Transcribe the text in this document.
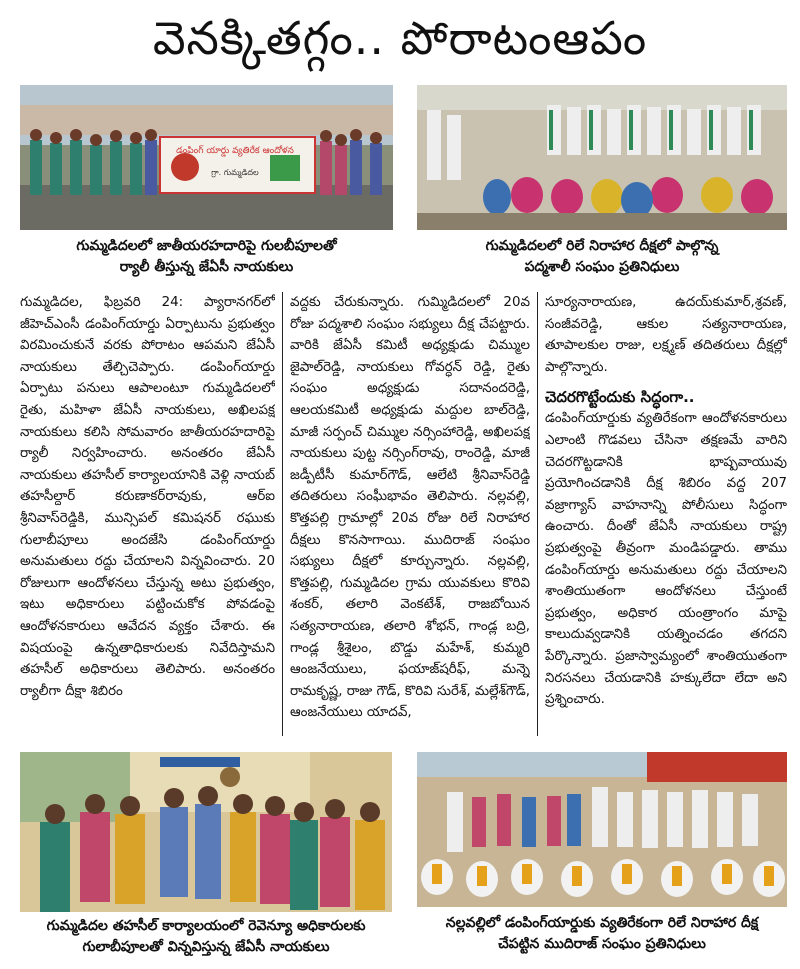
వెనక్కితగ్గం.. పోరాటంఆపం
డంపింగ్ యార్డు వ్యతిరేక ఆందోళన
గ్రా. గుమ్మడిదల
గుమ్మడిదలలో జాతీయరహదారిపై గులబీపూలతో
ర్యాలీ తీస్తున్న జేఏసీ నాయకులు
గుమ్మడిదలలో రిలే నిరాహార దీక్షలో పాల్గొన్న
పద్మశాలీ సంఘం ప్రతినిధులు

గుమ్మడిదల, ఫిబ్రవరి 24: ప్యారానగర్‌లో జీహెచ్ఎంసీ డంపింగ్‌యార్డు ఏర్పాటును ప్రభుత్వం విరమించుకునే వరకు పోరాటం ఆపమని జేఏసీ నాయకులు తేల్చిచెప్పారు. డంపింగ్‌యార్డు ఏర్పాటు పనులు ఆపాలంటూ గుమ్మడిదలలో రైతు, మహిళా జేఏసీ నాయకులు, అఖిలపక్ష నాయకులు కలిసి సోమవారం జాతీయరహదారిపై ర్యాలీ నిర్వహించారు. అనంతరం జేఏసీ నాయకులు తహసీల్ కార్యాలయానికి వెళ్లి నాయబ్ తహసీల్దార్ కరుణాకర్‌రావుకు, ఆర్‌ఐ శ్రీనివాస్‌రెడ్డికి, మున్సిపల్ కమిషనర్ రఘుకు గులాబీపూలు అందజేసి డంపింగ్‌యార్డు అనుమతులు రద్దు చేయాలని విన్నవించారు. 20 రోజులుగా ఆందోళనలు చేస్తున్న అటు ప్రభుత్వం, ఇటు అధికారులు పట్టించుకోక పోవడంపై ఆందోళనకారులు ఆవేదన వ్యక్తం చేశారు. ఈ విషయంపై ఉన్నతాధికారులకు నివేదిస్తామని తహసీల్ అధికారులు తెలిపారు. అనంతరం ర్యాలీగా దీక్షా శిబిరం

వద్దకు చేరుకున్నారు. గుమ్మిడిదలలో 20వ రోజు పద్మశాలి సంఘం సభ్యులు దీక్ష చేపట్టారు. వారికి జేఏసీ కమిటీ అధ్యక్షుడు చిమ్ముల జైపాల్‌రెడ్డి, నాయకులు గోవర్ధన్ రెడ్డి, రైతు సంఘం అధ్యక్షుడు సదానందరెడ్డి, ఆలయకమిటీ అధ్యక్షుడు మద్దుల బాల్‌రెడ్డి, మాజీ సర్పంచ్ చిమ్ముల నర్సింహారెడ్డి, అఖిలపక్ష నాయకులు పుట్ట నర్సింగ్‌రావు, రాంరెడ్డి, మాజీ జడ్పీటీసీ కుమార్‌గౌడ్, ఆలేటి శ్రీనివాస్‌రెడ్డి తదితరులు సంఘీభావం తెలిపారు. నల్లవల్లి, కొత్తపల్లి గ్రామాల్లో 20వ రోజు రిలే నిరాహార దీక్షలు కొనసాగాయి. ముదిరాజ్ సంఘం సభ్యులు దీక్షలో కూర్చున్నారు. నల్లవల్లి, కొత్తపల్లి, గుమ్మడిదల గ్రామ యువకులు కొరివి శంకర్, తలారి వెంకటేశ్, రాజబోయిన సత్యనారాయణ, తలారి శోభన్, గాండ్ల బద్రి, గాండ్ల శ్రీశైలం, బొడ్డు మహేశ్, కుమ్మరి ఆంజనేయులు, ఫయాజ్‌షరీఫ్, మన్నె రామకృష్ణ, రాజు గౌడ్, కొరివి సురేశ్, మల్లేశ్‌గౌడ్, ఆంజనేయులు యాదవ్,

సూర్యనారాయణ, ఉదయ్‌కుమార్,శ్రవణ్, సంజీవరెడ్డి, ఆకుల సత్యనారాయణ, తూపాలకుల రాజు, లక్ష్మణ్ తదితరులు దీక్షల్లో పాల్గొన్నారు.

చెదరగొట్టేందుకు సిద్ధంగా..

డంపింగ్‌యార్డుకు వ్యతిరేకంగా ఆందోళనకారులు ఎలాంటి గొడవలు చేసినా తక్షణమే వారిని చెదరగొట్టడానికి భాష్పవాయువు ప్రయోగించడానికి దీక్ష శిబిరం వద్ద 207 వజ్రాగ్యాస్ వాహనాన్ని పోలీసులు సిద్ధంగా ఉంచారు. దీంతో జేఏసీ నాయకులు రాష్ట్ర ప్రభుత్వంపై తీవ్రంగా మండిపడ్డారు. తాము డంపింగ్‌యార్డు అనుమతులు రద్దు చేయాలని శాంతియుతంగా ఆందోళనలు చేస్తుంటే ప్రభుత్వం, అధికార యంత్రాంగం మాపై కాలుదువ్వడానికి యత్నించడం తగదని పేర్కొన్నారు. ప్రజాస్వామ్యంలో శాంతియుతంగా నిరసనలు చేయడానికి హక్కులేదా లేదా అని ప్రశ్నించారు.

గుమ్మడిదల తహసీల్ కార్యాలయంలో రెవెన్యూ అధికారులకు
గులాబీపూలతో విన్నవిస్తున్న జేఏసీ నాయకులు
నల్లవల్లిలో డంపింగ్‌యార్డుకు వ్యతిరేకంగా రిలే నిరాహార దీక్ష
చేపట్టిన ముదిరాజ్ సంఘం ప్రతినిధులు
